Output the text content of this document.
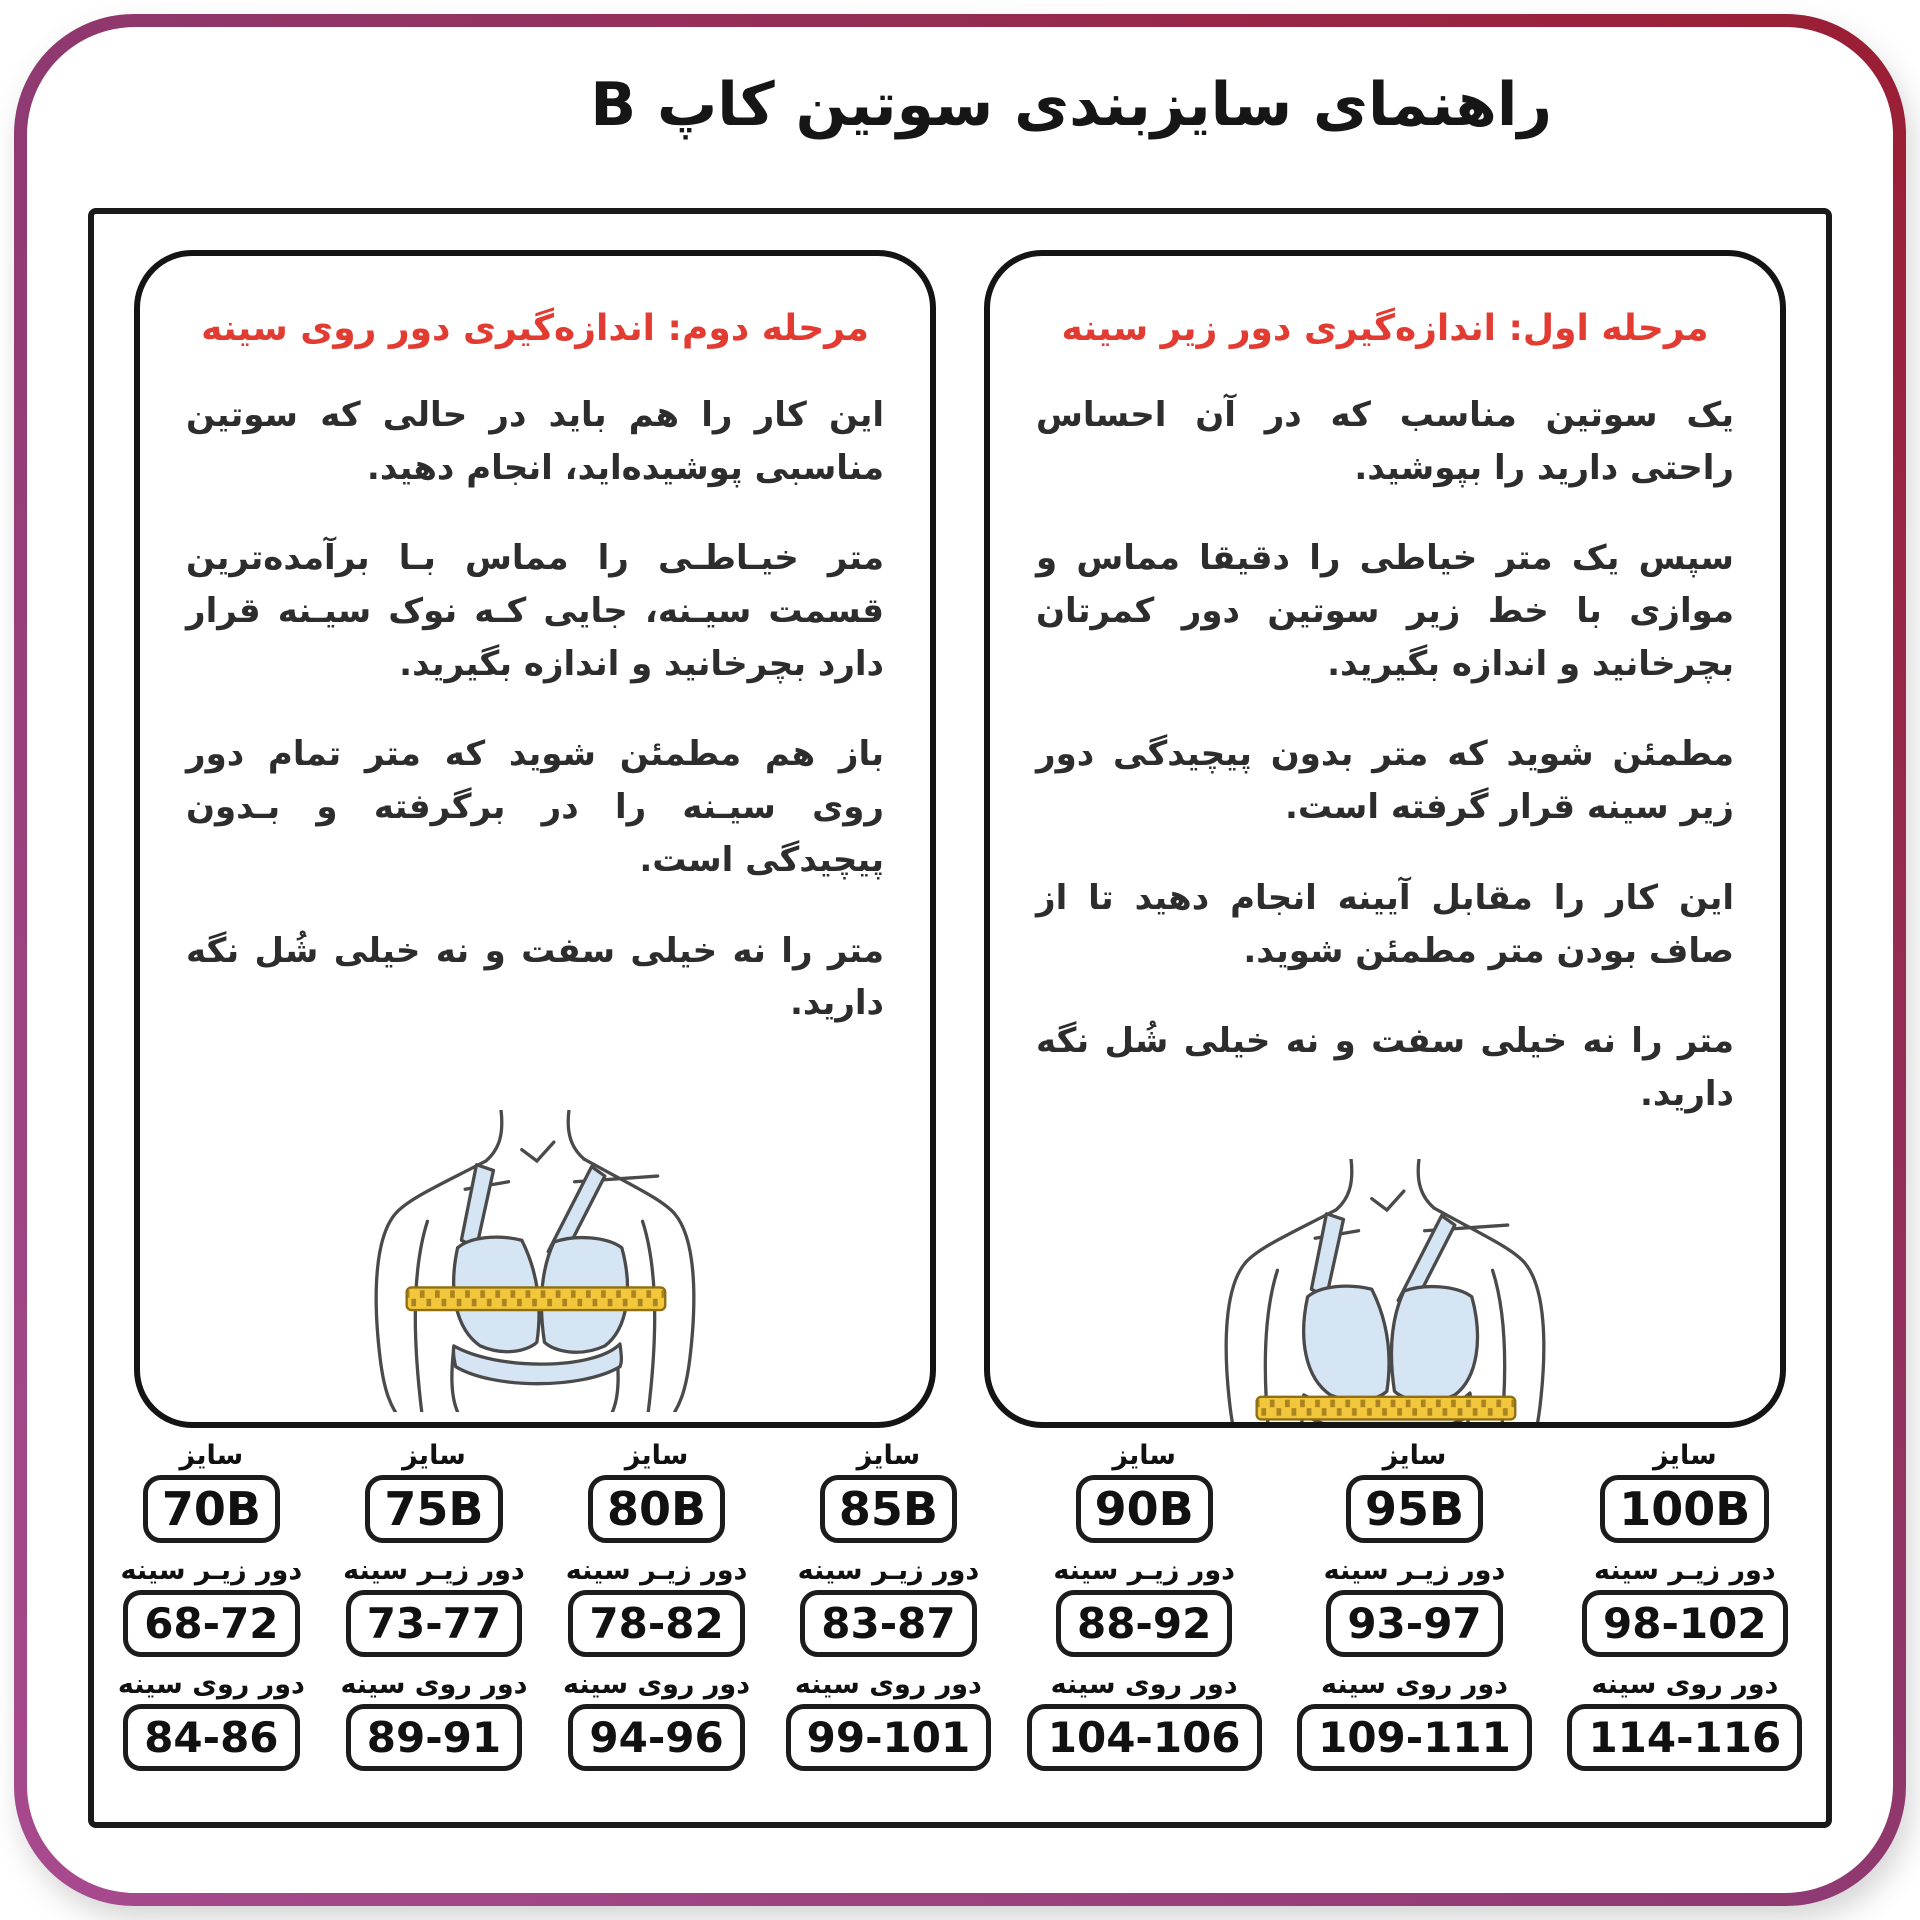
راهنمای سایزبندی سوتین کاپ B
مرحله اول: اندازه‌گیری دور زیر سینه

یک سوتین مناسب که در آن احساس راحتی دارید را بپوشید.

سپس یک متر خیاطی را دقیقا مماس و موازی با خط زیر سوتین دور کمرتان بچرخانید و اندازه بگیرید.

مطمئن شوید که متر بدون پیچیدگی دور زیر سینه قرار گرفته است.

این کار را مقابل آیینه انجام دهید تا از صاف بودن متر مطمئن شوید.

متر را نه خیلی سفت و نه خیلی شُل نگه دارید.

مرحله دوم: اندازه‌گیری دور روی سینه

این کار را هم باید در حالی که سوتین مناسبی پوشیده‌اید، انجام دهید.

متر خیـاطـی را مماس بـا برآمده‌ترین قسمت سیـنه، جایی کـه نوک سیـنه قرار دارد بچرخانید و اندازه بگیرید.

باز هم مطمئن شوید که متر تمام دور روی سیـنه را در برگرفته و بـدون پیچیدگی است.

متر را نه خیلی سفت و نه خیلی شُل نگه دارید.

سایز
70B
دور زیـر سینه
68-72
دور روی سینه
84-86
سایز
75B
دور زیـر سینه
73-77
دور روی سینه
89-91
سایز
80B
دور زیـر سینه
78-82
دور روی سینه
94-96
سایز
85B
دور زیـر سینه
83-87
دور روی سینه
99-101
سایز
90B
دور زیـر سینه
88-92
دور روی سینه
104-106
سایز
95B
دور زیـر سینه
93-97
دور روی سینه
109-111
سایز
100B
دور زیـر سینه
98-102
دور روی سینه
114-116
